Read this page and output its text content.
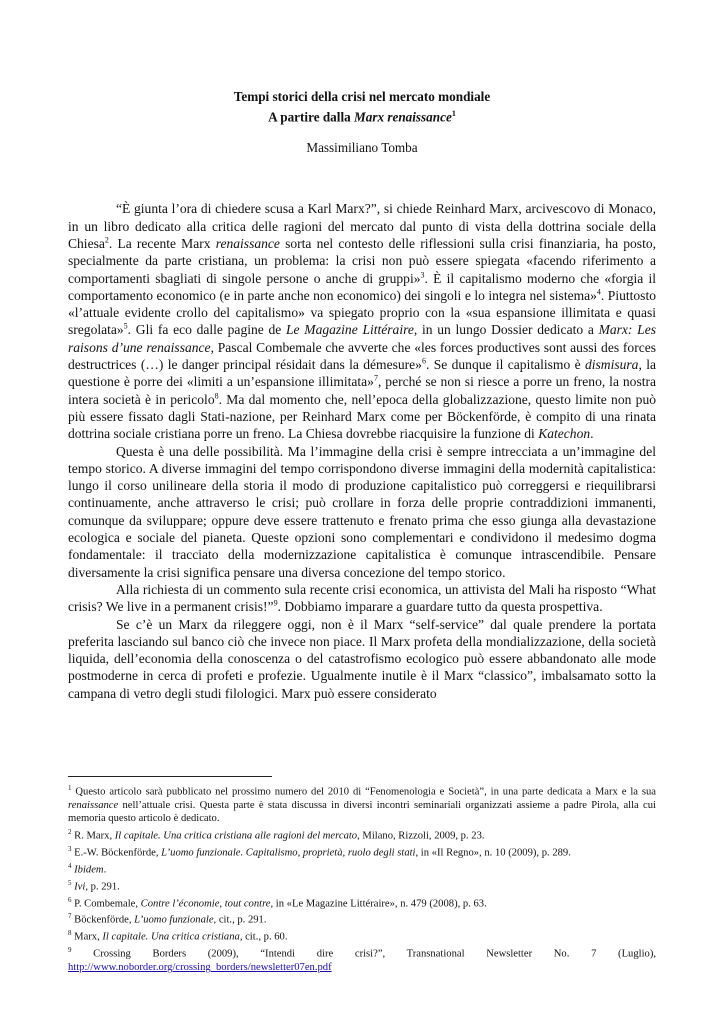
Tempi storici della crisi nel mercato mondiale
A partire dalla Marx renaissance$^1$
Massimiliano Tomba

“È giunta l’ora di chiedere scusa a Karl Marx?”, si chiede Reinhard Marx, arcivescovo di Monaco, in un libro dedicato alla critica delle ragioni del mercato dal punto di vista della dottrina sociale della Chiesa$^2$. La recente Marx renaissance sorta nel contesto delle riflessioni sulla crisi finanziaria, ha posto, specialmente da parte cristiana, un problema: la crisi non può essere spiegata «facendo riferimento a comportamenti sbagliati di singole persone o anche di gruppi»$^3$. È il capitalismo moderno che «forgia il comportamento economico (e in parte anche non economico) dei singoli e lo integra nel sistema»$^4$. Piuttosto «l’attuale evidente crollo del capitalismo» va spiegato proprio con la «sua espansione illimitata e quasi sregolata»$^5$. Gli fa eco dalle pagine de Le Magazine Littéraire, in un lungo Dossier dedicato a Marx: Les raisons d’une renaissance, Pascal Combemale che avverte che «les forces productives sont aussi des forces destructrices (…) le danger principal résidait dans la démesure»$^6$. Se dunque il capitalismo è dismisura, la questione è porre dei «limiti a un’espansione illimitata»$^7$, perché se non si riesce a porre un freno, la nostra intera società è in pericolo$^8$. Ma dal momento che, nell’epoca della globalizzazione, questo limite non può più essere fissato dagli Stati-nazione, per Reinhard Marx come per Böckenförde, è compito di una rinata dottrina sociale cristiana porre un freno. La Chiesa dovrebbe riacquisire la funzione di Katechon.

Questa è una delle possibilità. Ma l’immagine della crisi è sempre intrecciata a un’immagine del tempo storico. A diverse immagini del tempo corrispondono diverse immagini della modernità capitalistica: lungo il corso unilineare della storia il modo di produzione capitalistico può correggersi e riequilibrarsi continuamente, anche attraverso le crisi; può crollare in forza delle proprie contraddizioni immanenti, comunque da sviluppare; oppure deve essere trattenuto e frenato prima che esso giunga alla devastazione ecologica e sociale del pianeta. Queste opzioni sono complementari e condividono il medesimo dogma fondamentale: il tracciato della modernizzazione capitalistica è comunque intrascendibile. Pensare diversamente la crisi significa pensare una diversa concezione del tempo storico.

Alla richiesta di un commento sula recente crisi economica, un attivista del Mali ha risposto “What crisis? We live in a permanent crisis!”$^9$. Dobbiamo imparare a guardare tutto da questa prospettiva.

Se c’è un Marx da rileggere oggi, non è il Marx “self-service” dal quale prendere la portata preferita lasciando sul banco ciò che invece non piace. Il Marx profeta della mondializzazione, della società liquida, dell’economia della conoscenza o del catastrofismo ecologico può essere abbandonato alle mode postmoderne in cerca di profeti e profezie. Ugualmente inutile è il Marx “classico”, imbalsamato sotto la campana di vetro degli studi filologici. Marx può essere considerato

$^1$ Questo articolo sarà pubblicato nel prossimo numero del 2010 di “Fenomenologia e Società”, in una parte dedicata a Marx e la sua renaissance nell’attuale crisi. Questa parte è stata discussa in diversi incontri seminariali organizzati assieme a padre Pirola, alla cui memoria questo articolo è dedicato.
$^2$ R. Marx, Il capitale. Una critica cristiana alle ragioni del mercato, Milano, Rizzoli, 2009, p. 23.
$^3$ E.-W. Böckenförde, L’uomo funzionale. Capitalismo, proprietà, ruolo degli stati, in «Il Regno», n. 10 (2009), p. 289.
$^4$ Ibidem.
$^5$ Ivi, p. 291.
$^6$ P. Combemale, Contre l’économie, tout contre, in «Le Magazine Littéraire», n. 479 (2008), p. 63.
$^7$ Böckenförde, L’uomo funzionale, cit., p. 291.
$^8$ Marx, Il capitale. Una critica cristiana, cit., p. 60.
$^9$ Crossing Borders (2009), “Intendi dire crisi?”, Transnational Newsletter No. 7 (Luglio), http://www.noborder.org/crossing_borders/newsletter07en.pdf
